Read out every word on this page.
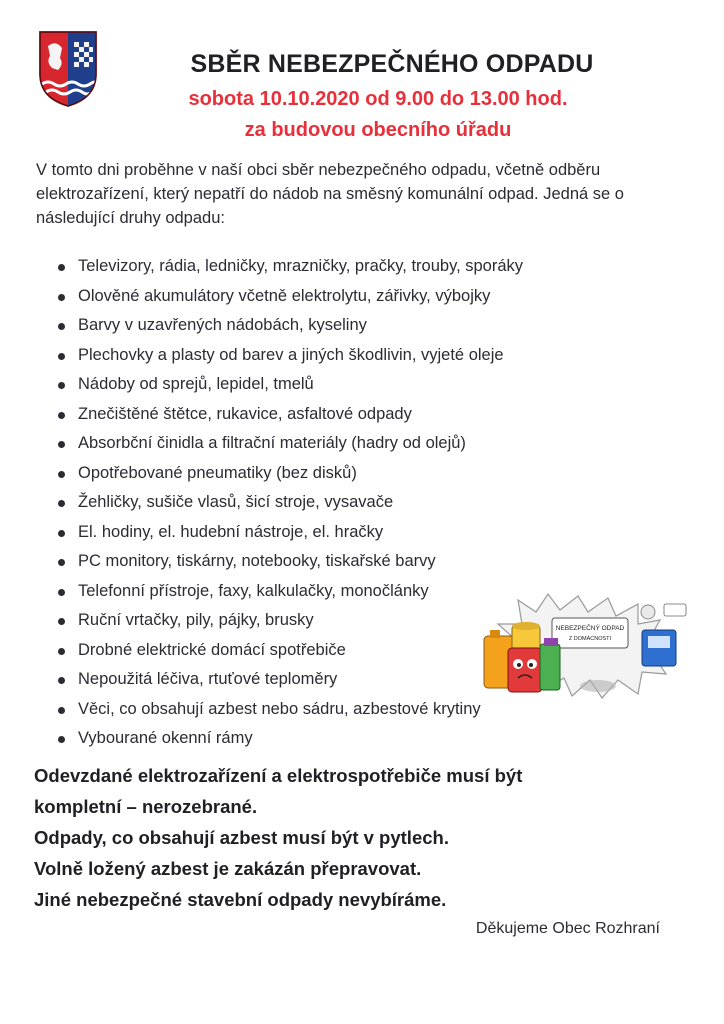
SBĚR NEBEZPEČNÉHO ODPADU
sobota 10.10.2020 od 9.00 do 13.00 hod.
za budovou obecního úřadu

V tomto dni proběhne v naší obci sběr nebezpečného odpadu, včetně odběru elektrozařízení, který nepatří do nádob na směsný komunální odpad. Jedná se o následující druhy odpadu:

Televizory, rádia, ledničky, mrazničky, pračky, trouby, sporáky
Olověné akumulátory včetně elektrolytu, zářivky, výbojky
Barvy v uzavřených nádobách, kyseliny
Plechovky a plasty od barev a jiných škodlivin, vyjeté oleje
Nádoby od sprejů, lepidel, tmelů
Znečištěné štětce, rukavice, asfaltové odpady
Absorbční činidla a filtrační materiály (hadry od olejů)
Opotřebované pneumatiky (bez disků)
Žehličky, sušiče vlasů, šicí stroje, vysavače
El. hodiny, el. hudební nástroje, el. hračky
PC monitory, tiskárny, notebooky, tiskařské barvy
Telefonní přístroje, faxy, kalkulačky, monočlánky
Ruční vrtačky, pily, pájky, brusky
Drobné elektrické domácí spotřebiče
Nepoužitá léčiva, rtuťové teploměry
Věci, co obsahují azbest nebo sádru, azbestové krytiny
Vybourané okenní rámy
NEBEZPEČNÝ ODPAD
Z DOMÁCNOSTI

Odevzdané elektrozařízení a elektrospotřebiče musí být

kompletní – nerozebrané.

Odpady, co obsahují azbest musí být v pytlech.

Volně ložený azbest je zakázán přepravovat.

Jiné nebezpečné stavební odpady nevybíráme.

Děkujeme Obec Rozhraní
